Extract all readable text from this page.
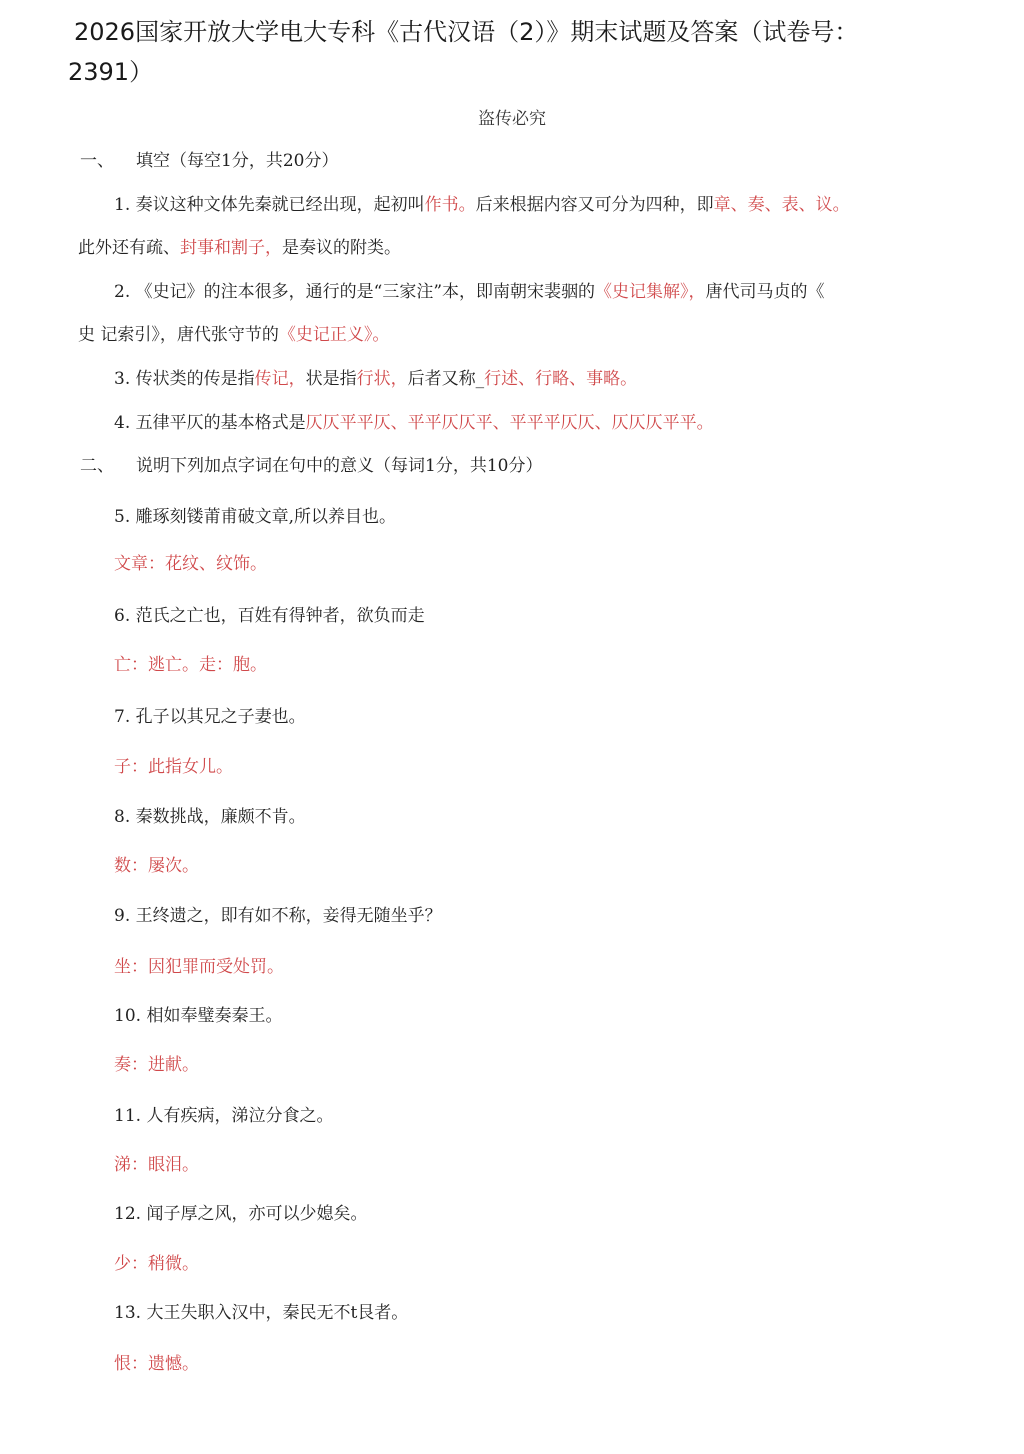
2026国家开放大学电大专科《古代汉语（2）》期末试题及答案（试卷号：
2391）
盗传必究
一、 填空（每空1分，共20分）
1. 奏议这种文体先秦就已经出现，起初叫作书。后来根据内容又可分为四种，即章、奏、表、议。
此外还有疏、封事和割子，是奏议的附类。
2. 《史记》的注本很多，通行的是“三家注”本，即南朝宋裴骃的《史记集解》，唐代司马贞的《
史 记索引》，唐代张守节的《史记正义》。
3. 传状类的传是指传记，状是指行状，后者又称_行述、行略、事略。
4. 五律平仄的基本格式是仄仄平平仄、平平仄仄平、平平平仄仄、仄仄仄平平。
二、 说明下列加点字词在句中的意义（每词1分，共10分）
5. 雕琢刻镂莆甫破文章,所以养目也。
文章：花纹、纹饰。
6. 范氏之亡也，百姓有得钟者，欲负而走
亡：逃亡。走：胞。
7. 孔子以其兄之子妻也。
子：此指女儿。
8. 秦数挑战，廉颇不肯。
数：屡次。
9. 王终遗之，即有如不称，妾得无随坐乎？
坐：因犯罪而受处罚。
10. 相如奉璧奏秦王。
奏：进献。
11. 人有疾病，涕泣分食之。
涕：眼泪。
12. 闻子厚之风，亦可以少媳矣。
少：稍微。
13. 大王失职入汉中，秦民无不t艮者。
恨：遗憾。
